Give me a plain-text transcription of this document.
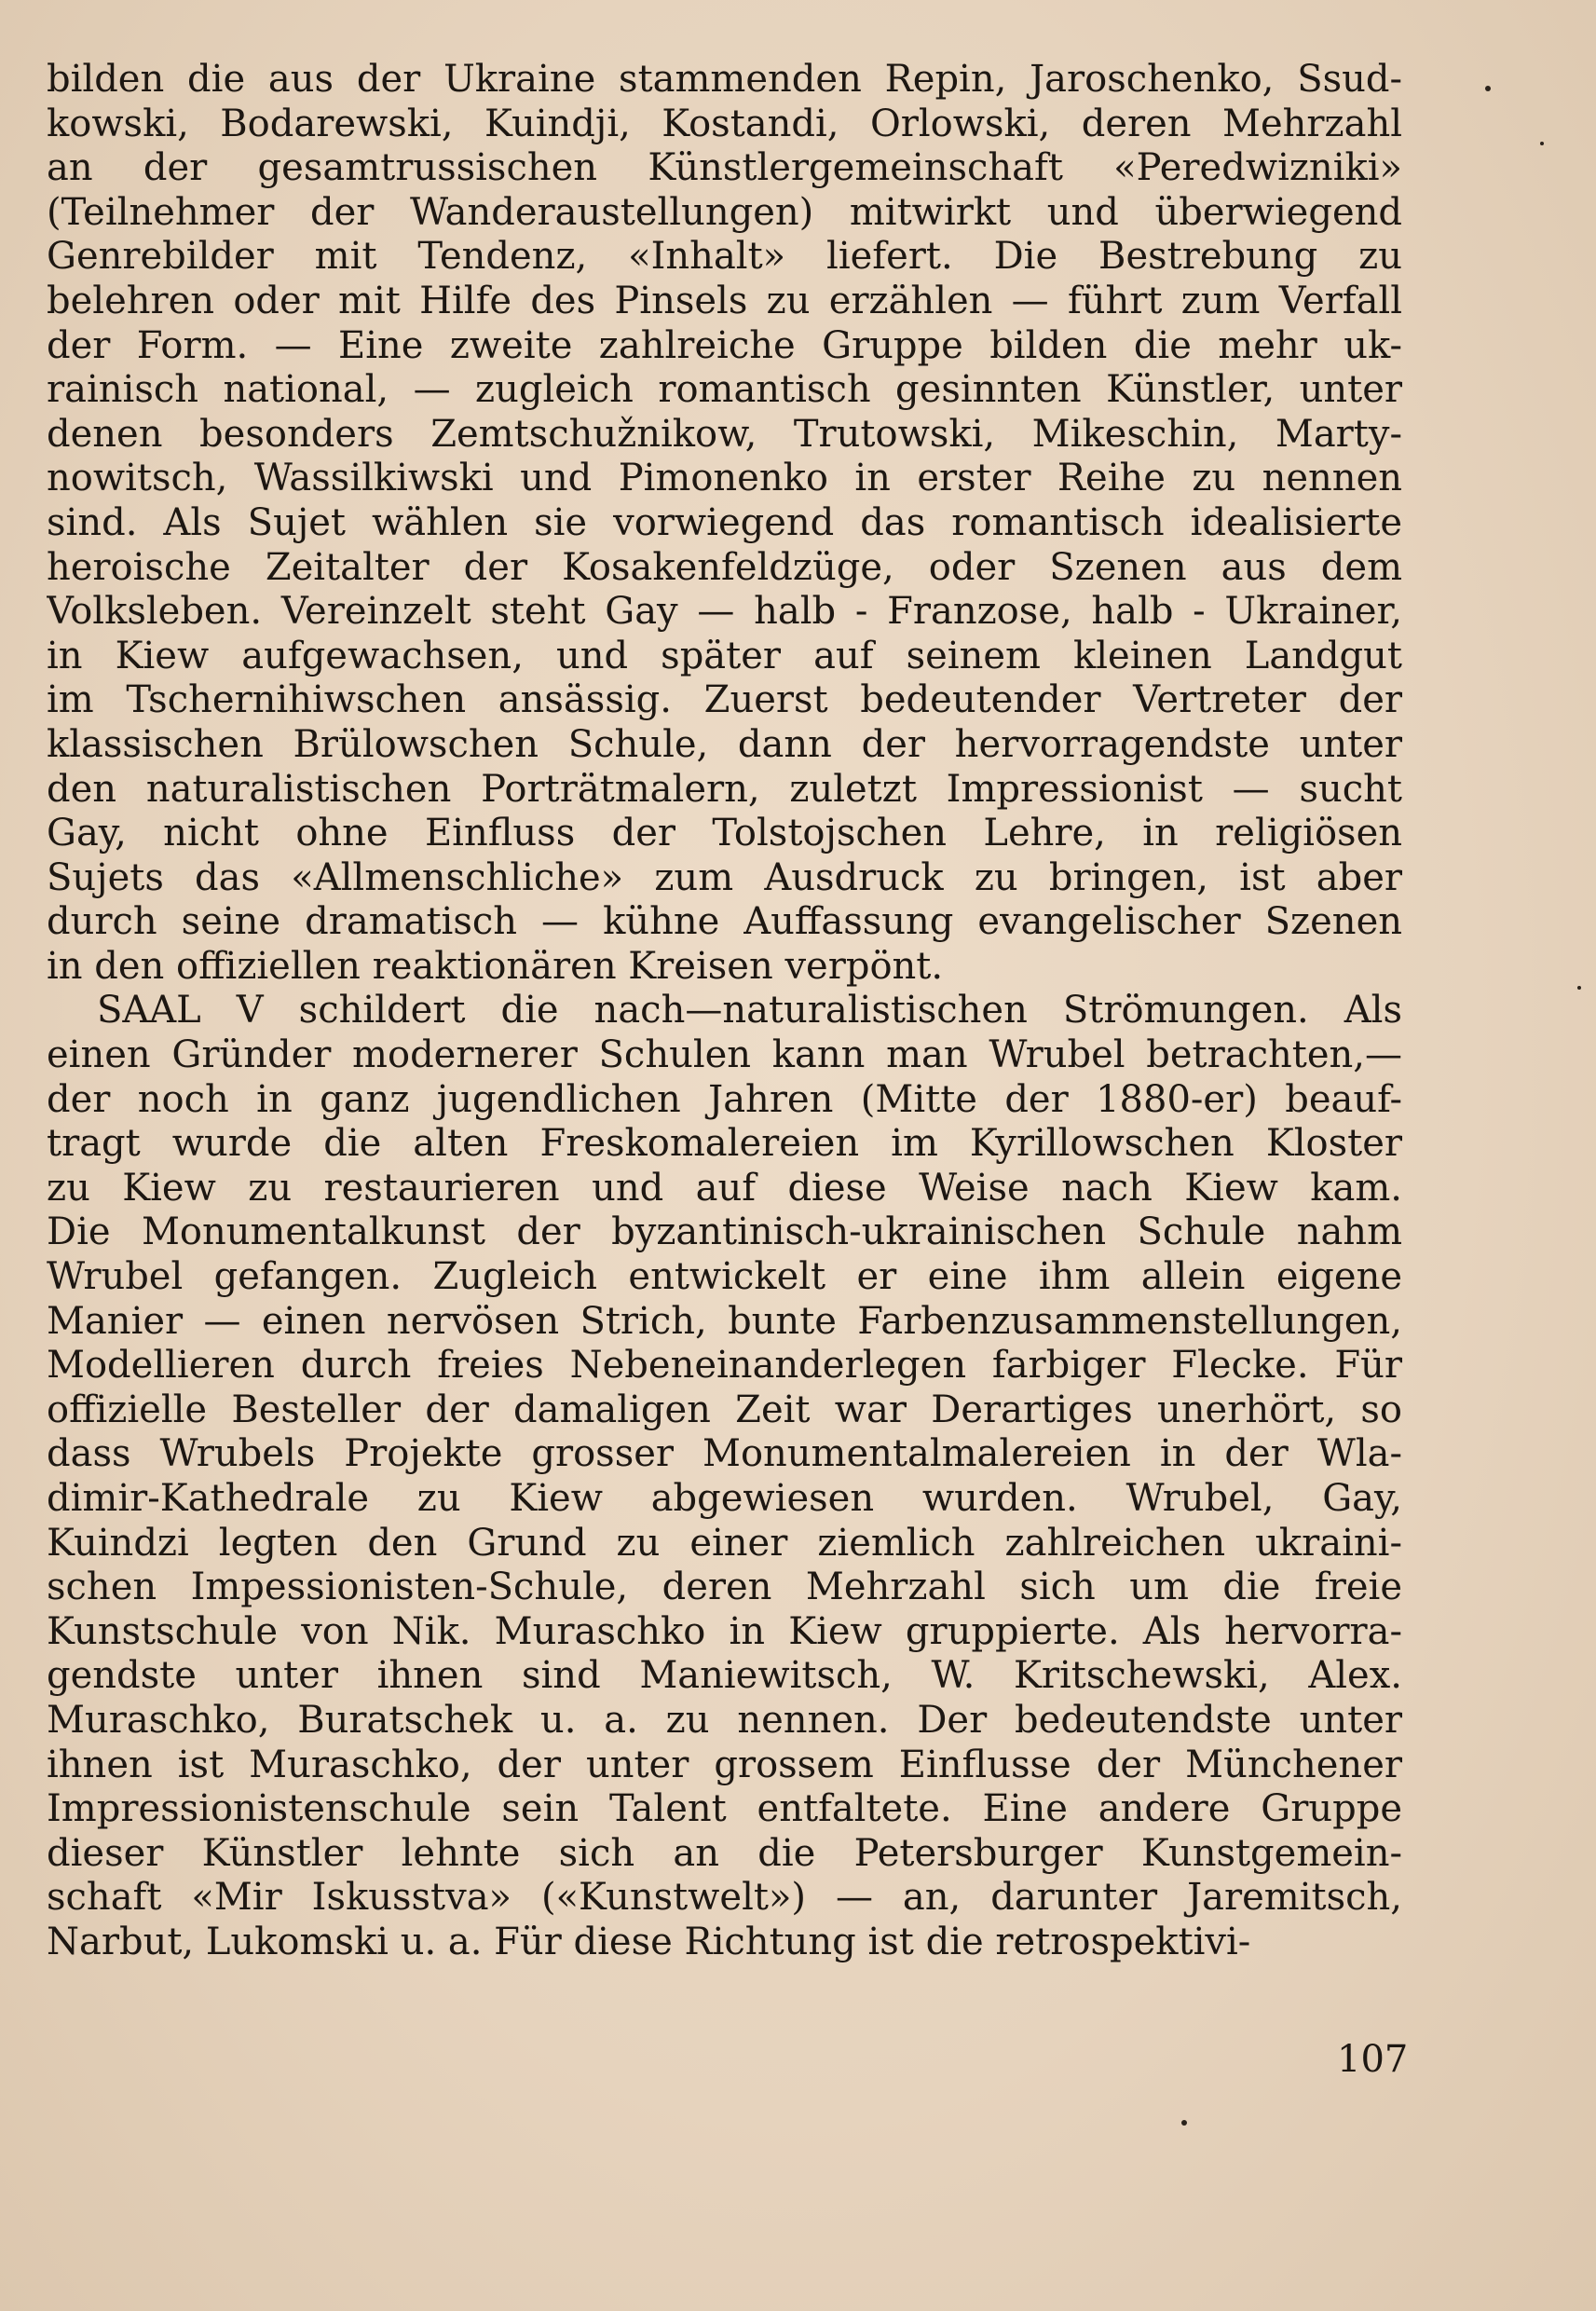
bilden die aus der Ukraine stammenden Repin, Jaroschenko, Ssud-
kowski, Bodarewski, Kuindji, Kostandi, Orlowski, deren Mehrzahl
an der gesamtrussischen Künstlergemeinschaft «Peredwizniki»
(Teilnehmer der Wanderaustellungen) mitwirkt und überwiegend
Genrebilder mit Tendenz, «Inhalt» liefert. Die Bestrebung zu
belehren oder mit Hilfe des Pinsels zu erzählen — führt zum Verfall
der Form. — Eine zweite zahlreiche Gruppe bilden die mehr uk-
rainisch national, — zugleich romantisch gesinnten Künstler, unter
denen besonders Zemtschužnikow, Trutowski, Mikeschin, Marty-
nowitsch, Wassilkiwski und Pimonenko in erster Reihe zu nennen
sind. Als Sujet wählen sie vorwiegend das romantisch idealisierte
heroische Zeitalter der Kosakenfeldzüge, oder Szenen aus dem
Volksleben. Vereinzelt steht Gay — halb - Franzose, halb - Ukrainer,
in Kiew aufgewachsen, und später auf seinem kleinen Landgut
im Tschernihiwschen ansässig. Zuerst bedeutender Vertreter der
klassischen Brülowschen Schule, dann der hervorragendste unter
den naturalistischen Porträtmalern, zuletzt Impressionist — sucht
Gay, nicht ohne Einfluss der Tolstojschen Lehre, in religiösen
Sujets das «Allmenschliche» zum Ausdruck zu bringen, ist aber
durch seine dramatisch — kühne Auffassung evangelischer Szenen
in den offiziellen reaktionären Kreisen verpönt.
SAAL V schildert die nach—naturalistischen Strömungen. Als
einen Gründer modernerer Schulen kann man Wrubel betrachten,—
der noch in ganz jugendlichen Jahren (Mitte der 1880-er) beauf-
tragt wurde die alten Freskomalereien im Kyrillowschen Kloster
zu Kiew zu restaurieren und auf diese Weise nach Kiew kam.
Die Monumentalkunst der byzantinisch-ukrainischen Schule nahm
Wrubel gefangen. Zugleich entwickelt er eine ihm allein eigene
Manier — einen nervösen Strich, bunte Farbenzusammenstellungen,
Modellieren durch freies Nebeneinanderlegen farbiger Flecke. Für
offizielle Besteller der damaligen Zeit war Derartiges unerhört, so
dass Wrubels Projekte grosser Monumentalmalereien in der Wla-
dimir-Kathedrale zu Kiew abgewiesen wurden. Wrubel, Gay,
Kuindzi legten den Grund zu einer ziemlich zahlreichen ukraini-
schen Impessionisten-Schule, deren Mehrzahl sich um die freie
Kunstschule von Nik. Muraschko in Kiew gruppierte. Als hervorra-
gendste unter ihnen sind Maniewitsch, W. Kritschewski, Alex.
Muraschko, Buratschek u. a. zu nennen. Der bedeutendste unter
ihnen ist Muraschko, der unter grossem Einflusse der Münchener
Impressionistenschule sein Talent entfaltete. Eine andere Gruppe
dieser Künstler lehnte sich an die Petersburger Kunstgemein-
schaft «Mir Iskusstva» («Kunstwelt») — an, darunter Jaremitsch,
Narbut, Lukomski u. a. Für diese Richtung ist die retrospektivi-
107
